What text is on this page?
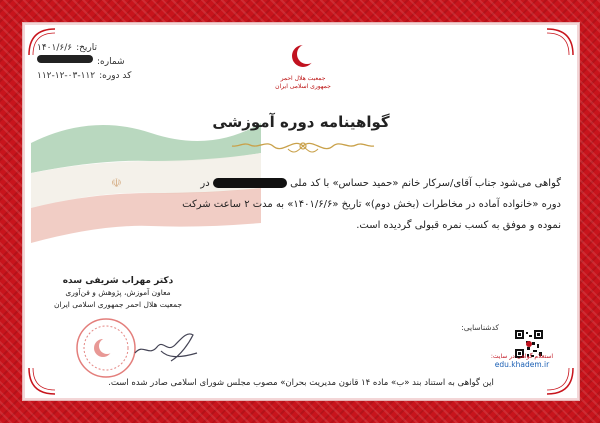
☫
تاریخ:
۱۴۰۱/۶/۶
شماره:
کد دوره:
۱۱۲-۱۲-۰۳-۱۱۲	جمعیت هلال احمر
جمهوری اسلامی ایران
گواهینامه دوره آموزشی
گواهی می‌شود جناب آقای/سرکار خانم «حمید حساس» با کد ملی  در
دوره «خانواده آماده در مخاطرات (بخش دوم)» تاریخ «۱۴۰۱/۶/۶» به مدت ۲ ساعت شرکت
نموده و موفق به کسب نمره قبولی گردیده است.
دکتر مهراب شریفی سده
معاون آموزش، پژوهش و فن‌آوری
جمعیت هلال احمر جمهوری اسلامی ایران
کدشناسایی:
استعلام گواهی در سایت:
edu.khadem.ir
این گواهی به استناد بند «ب» ماده ۱۴ قانون مدیریت بحران» مصوب مجلس شورای اسلامی صادر شده است.
